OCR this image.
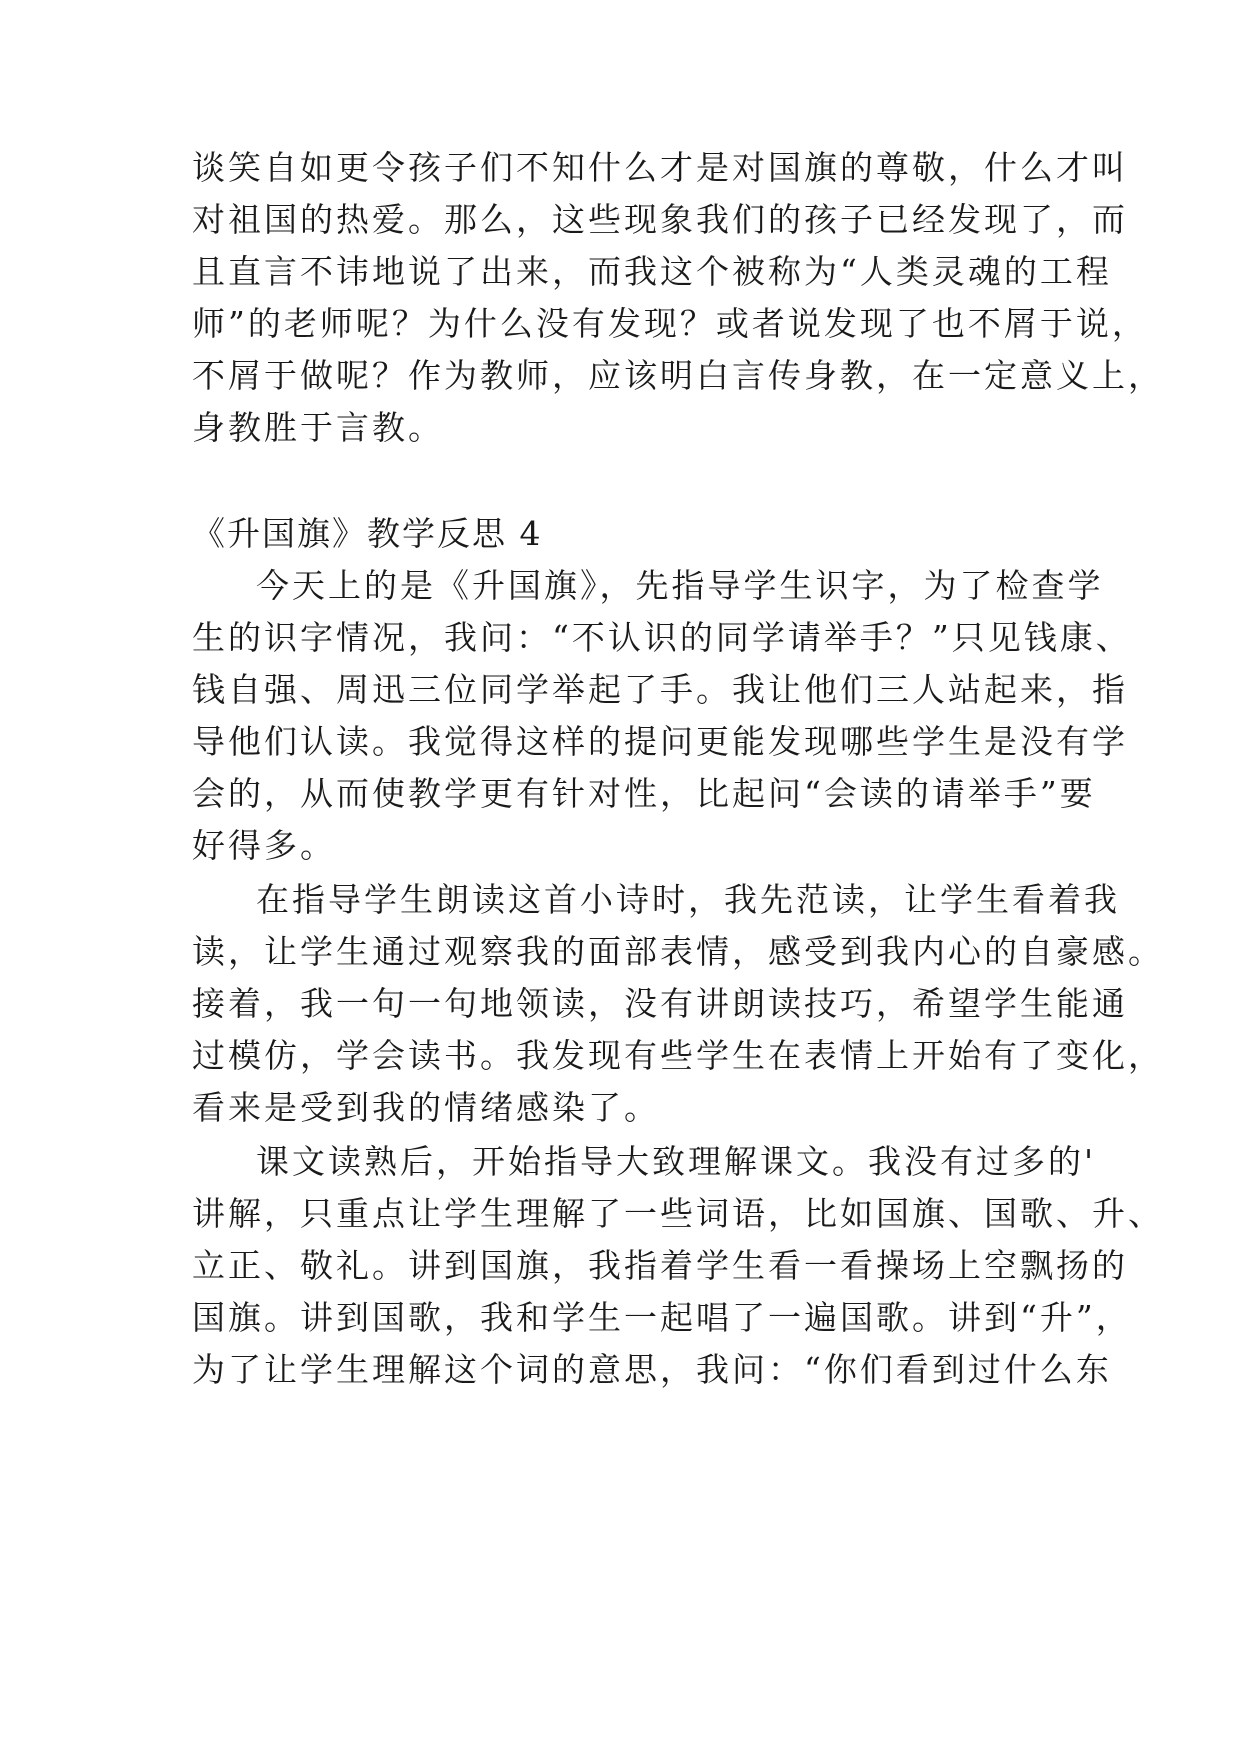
谈笑自如更令孩子们不知什么才是对国旗的尊敬，什么才叫
对祖国的热爱。那么，这些现象我们的孩子已经发现了，而
且直言不讳地说了出来，而我这个被称为“人类灵魂的工程
师”的老师呢？为什么没有发现？或者说发现了也不屑于说，
不屑于做呢？作为教师，应该明白言传身教，在一定意义上，
身教胜于言教。
《升国旗》教学反思 4
今天上的是《升国旗》，先指导学生识字，为了检查学
生的识字情况，我问：“不认识的同学请举手？”只见钱康、
钱自强、周迅三位同学举起了手。我让他们三人站起来，指
导他们认读。我觉得这样的提问更能发现哪些学生是没有学
会的，从而使教学更有针对性，比起问“会读的请举手”要
好得多。
在指导学生朗读这首小诗时，我先范读，让学生看着我
读，让学生通过观察我的面部表情，感受到我内心的自豪感。
接着，我一句一句地领读，没有讲朗读技巧，希望学生能通
过模仿，学会读书。我发现有些学生在表情上开始有了变化，
看来是受到我的情绪感染了。
课文读熟后，开始指导大致理解课文。我没有过多的'
讲解，只重点让学生理解了一些词语，比如国旗、国歌、升、
立正、敬礼。讲到国旗，我指着学生看一看操场上空飘扬的
国旗。讲到国歌，我和学生一起唱了一遍国歌。讲到“升”，
为了让学生理解这个词的意思，我问：“你们看到过什么东
